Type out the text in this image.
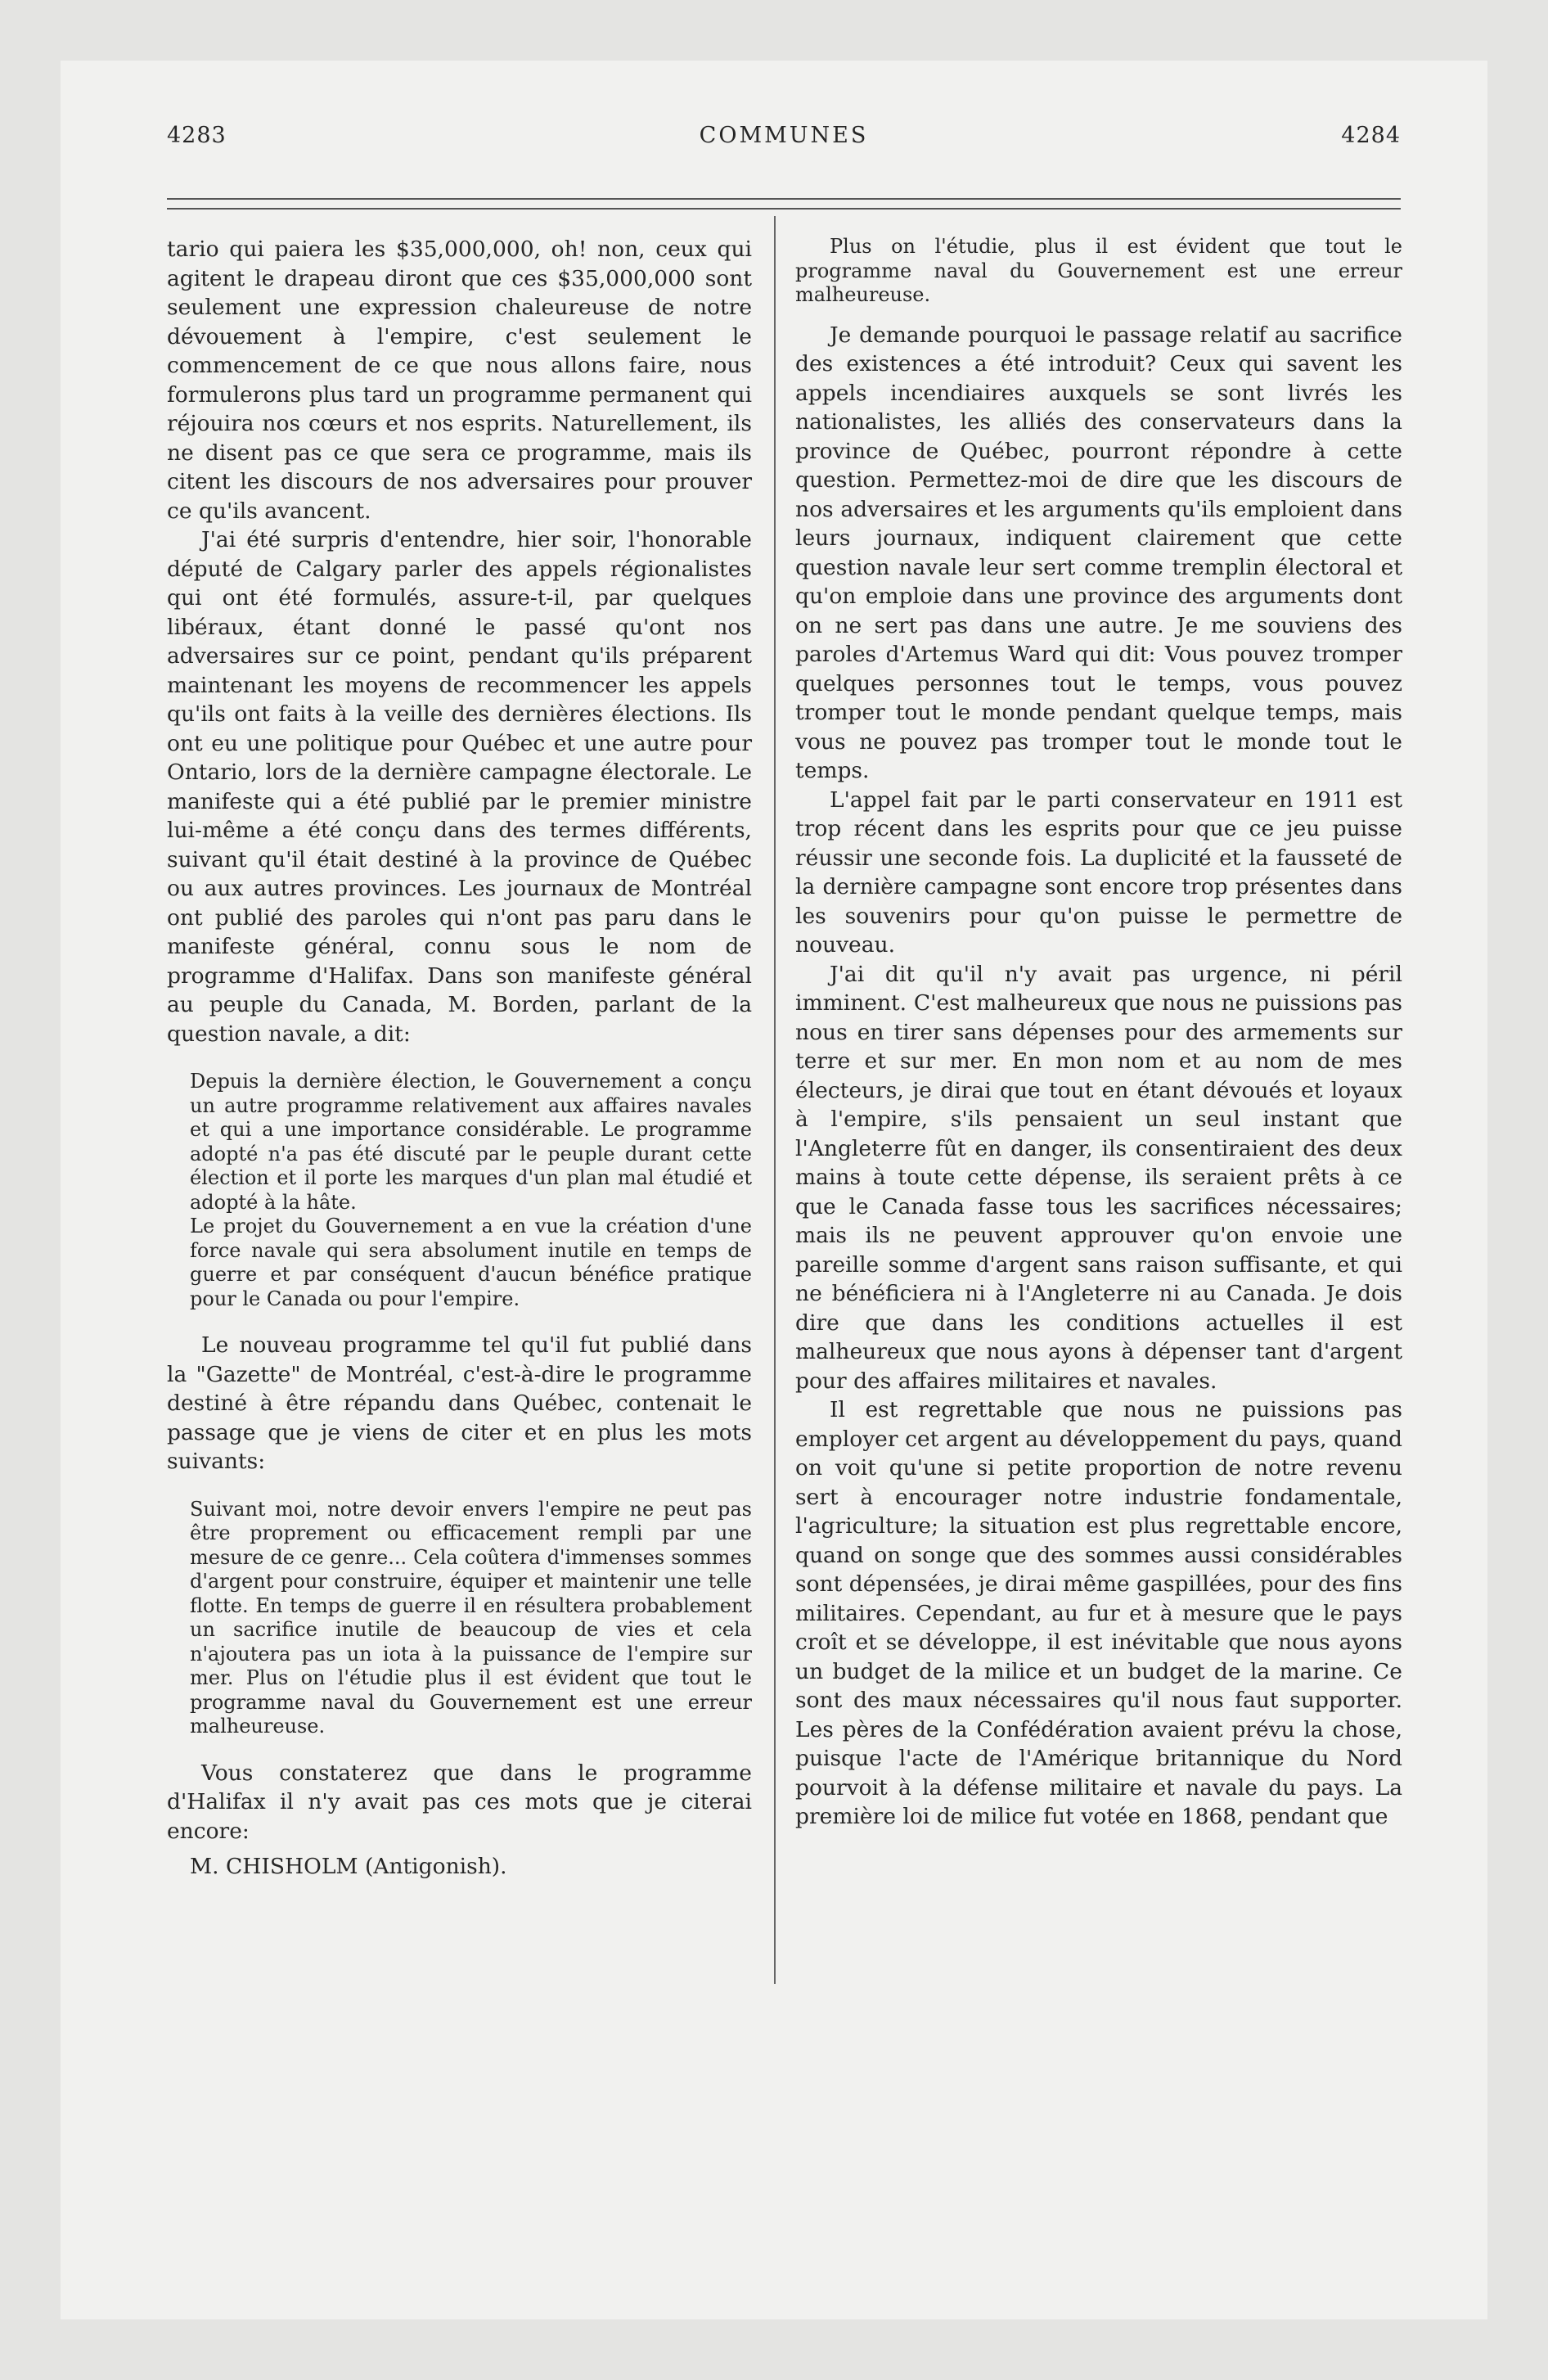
4283	COMMUNES	4284

tario qui paiera les $35,000,000, oh! non, ceux qui agitent le drapeau diront que ces $35,000,000 sont seulement une expression chaleureuse de notre dévouement à l'empire, c'est seulement le commencement de ce que nous allons faire, nous formulerons plus tard un programme permanent qui réjouira nos cœurs et nos esprits. Naturellement, ils ne disent pas ce que sera ce programme, mais ils citent les discours de nos adversaires pour prouver ce qu'ils avancent.

J'ai été surpris d'entendre, hier soir, l'honorable député de Calgary parler des appels régionalistes qui ont été formulés, assure-t-il, par quelques libéraux, étant donné le passé qu'ont nos adversaires sur ce point, pendant qu'ils préparent maintenant les moyens de recommencer les appels qu'ils ont faits à la veille des dernières élections. Ils ont eu une politique pour Québec et une autre pour Ontario, lors de la dernière campagne électorale. Le manifeste qui a été publié par le premier ministre lui-même a été conçu dans des termes différents, suivant qu'il était destiné à la province de Québec ou aux autres provinces. Les journaux de Montréal ont publié des paroles qui n'ont pas paru dans le manifeste général, connu sous le nom de programme d'Halifax. Dans son manifeste général au peuple du Canada, M. Borden, parlant de la question navale, a dit:

Depuis la dernière élection, le Gouvernement a conçu un autre programme relativement aux affaires navales et qui a une importance considérable. Le programme adopté n'a pas été discuté par le peuple durant cette élection et il porte les marques d'un plan mal étudié et adopté à la hâte.

Le projet du Gouvernement a en vue la création d'une force navale qui sera absolument inutile en temps de guerre et par conséquent d'aucun bénéfice pratique pour le Canada ou pour l'empire.

Le nouveau programme tel qu'il fut publié dans la "Gazette" de Montréal, c'est-à-dire le programme destiné à être répandu dans Québec, contenait le passage que je viens de citer et en plus les mots suivants:

Suivant moi, notre devoir envers l'empire ne peut pas être proprement ou efficacement rempli par une mesure de ce genre... Cela coûtera d'immenses sommes d'argent pour construire, équiper et maintenir une telle flotte. En temps de guerre il en résultera probablement un sacrifice inutile de beaucoup de vies et cela n'ajoutera pas un iota à la puissance de l'empire sur mer. Plus on l'étudie plus il est évident que tout le programme naval du Gouvernement est une erreur malheureuse.

Vous constaterez que dans le programme d'Halifax il n'y avait pas ces mots que je citerai encore:

M. CHISHOLM (Antigonish).

Plus on l'étudie, plus il est évident que tout le programme naval du Gouvernement est une erreur malheureuse.

Je demande pourquoi le passage relatif au sacrifice des existences a été introduit? Ceux qui savent les appels incendiaires auxquels se sont livrés les nationalistes, les alliés des conservateurs dans la province de Québec, pourront répondre à cette question. Permettez-moi de dire que les discours de nos adversaires et les arguments qu'ils emploient dans leurs journaux, indiquent clairement que cette question navale leur sert comme tremplin électoral et qu'on emploie dans une province des arguments dont on ne sert pas dans une autre. Je me souviens des paroles d'Artemus Ward qui dit: Vous pouvez tromper quelques personnes tout le temps, vous pouvez tromper tout le monde pendant quelque temps, mais vous ne pouvez pas tromper tout le monde tout le temps.

L'appel fait par le parti conservateur en 1911 est trop récent dans les esprits pour que ce jeu puisse réussir une seconde fois. La duplicité et la fausseté de la dernière campagne sont encore trop présentes dans les souvenirs pour qu'on puisse le permettre de nouveau.

J'ai dit qu'il n'y avait pas urgence, ni péril imminent. C'est malheureux que nous ne puissions pas nous en tirer sans dépenses pour des armements sur terre et sur mer. En mon nom et au nom de mes électeurs, je dirai que tout en étant dévoués et loyaux à l'empire, s'ils pensaient un seul instant que l'Angleterre fût en danger, ils consentiraient des deux mains à toute cette dépense, ils seraient prêts à ce que le Canada fasse tous les sacrifices nécessaires; mais ils ne peuvent approuver qu'on envoie une pareille somme d'argent sans raison suffisante, et qui ne bénéficiera ni à l'Angleterre ni au Canada. Je dois dire que dans les conditions actuelles il est malheureux que nous ayons à dépenser tant d'argent pour des affaires militaires et navales.

Il est regrettable que nous ne puissions pas employer cet argent au développement du pays, quand on voit qu'une si petite proportion de notre revenu sert à encourager notre industrie fondamentale, l'agriculture; la situation est plus regrettable encore, quand on songe que des sommes aussi considérables sont dépensées, je dirai même gaspillées, pour des fins militaires. Cependant, au fur et à mesure que le pays croît et se développe, il est inévitable que nous ayons un budget de la milice et un budget de la marine. Ce sont des maux nécessaires qu'il nous faut supporter. Les pères de la Confédération avaient prévu la chose, puisque l'acte de l'Amérique britannique du Nord pourvoit à la défense militaire et navale du pays. La première loi de milice fut votée en 1868, pendant que
